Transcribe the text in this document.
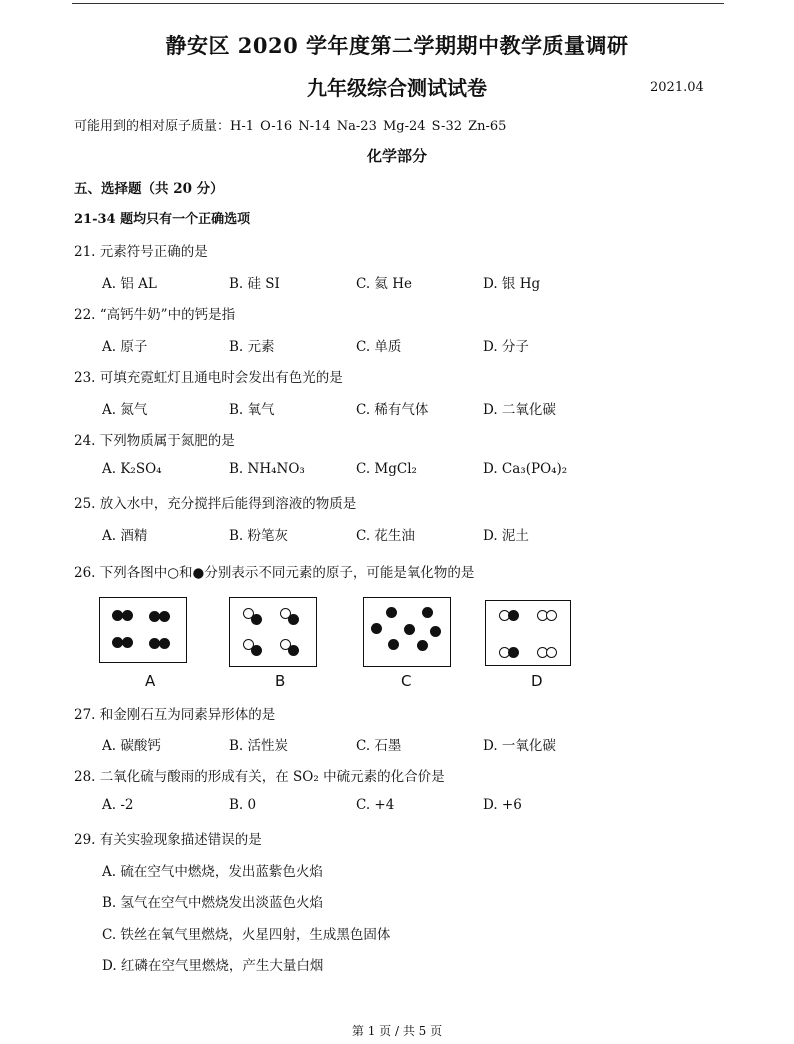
静安区 2020 学年度第二学期期中教学质量调研
九年级综合测试试卷	2021.04
可能用到的相对原子质量：H-1 O-16 N-14 Na-23 Mg-24 S-32 Zn-65
化学部分
五、选择题（共 20 分）
21-34 题均只有一个正确选项
21. 元素符号正确的是
A. 铝 AL	B. 硅 SI	C. 氦 He	D. 银 Hg
22. “高钙牛奶”中的钙是指
A. 原子	B. 元素	C. 单质	D. 分子
23. 可填充霓虹灯且通电时会发出有色光的是
A. 氮气	B. 氧气	C. 稀有气体	D. 二氧化碳
24. 下列物质属于氮肥的是
A. K₂SO₄	B. NH₄NO₃	C. MgCl₂	D. Ca₃(PO₄)₂
25. 放入水中，充分搅拌后能得到溶液的物质是
A. 酒精	B. 粉笔灰	C. 花生油	D. 泥土
26. 下列各图中○和●分别表示不同元素的原子，可能是氧化物的是
A	B	C	D
27. 和金刚石互为同素异形体的是
A. 碳酸钙	B. 活性炭	C. 石墨	D. 一氧化碳
28. 二氧化硫与酸雨的形成有关，在 SO₂ 中硫元素的化合价是
A. -2	B. 0	C. +4	D. +6
29. 有关实验现象描述错误的是
A. 硫在空气中燃烧，发出蓝紫色火焰
B. 氢气在空气中燃烧发出淡蓝色火焰
C. 铁丝在氧气里燃烧，火星四射，生成黑色固体
D. 红磷在空气里燃烧，产生大量白烟
第 1 页 / 共 5 页
